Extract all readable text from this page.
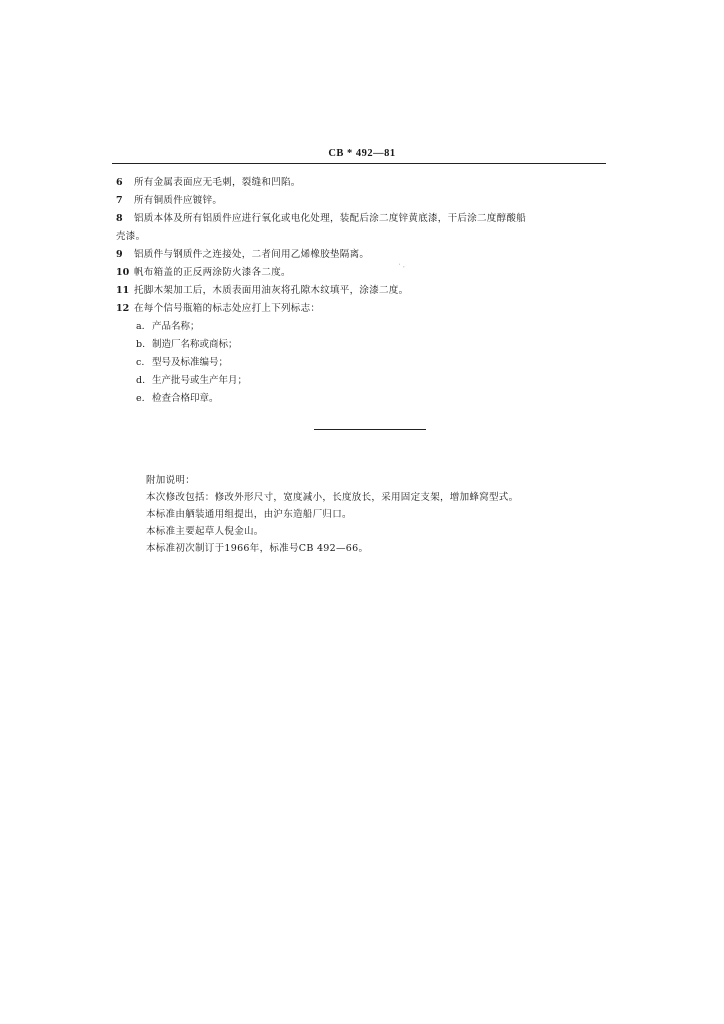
CB * 492—81
6 所有金属表面应无毛刺，裂缝和凹陷。
7 所有铜质件应镀锌。
8 铝质本体及所有铝质件应进行氧化或电化处理，装配后涂二度锌黄底漆，干后涂二度醇酸船
壳漆。
9 铝质件与钢质件之连接处，二者间用乙烯橡胶垫隔离。
10 帆布箱盖的正反两涂防火漆各二度。
11 托脚木架加工后，木质表面用油灰将孔隙木纹填平，涂漆二度。
12 在每个信号瓶箱的标志处应打上下列标志：
a. 产品名称；
b. 制造厂名称或商标；
c. 型号及标准编号；
d. 生产批号或生产年月；
e. 检查合格印章。
˙ ‧
附加说明：
本次修改包括：修改外形尺寸，宽度减小，长度放长，采用固定支架，增加蜂窝型式。
本标准由舾装通用组提出，由沪东造船厂归口。
本标准主要起草人倪金山。
本标准初次制订于1966年，标准号CB 492—66。
